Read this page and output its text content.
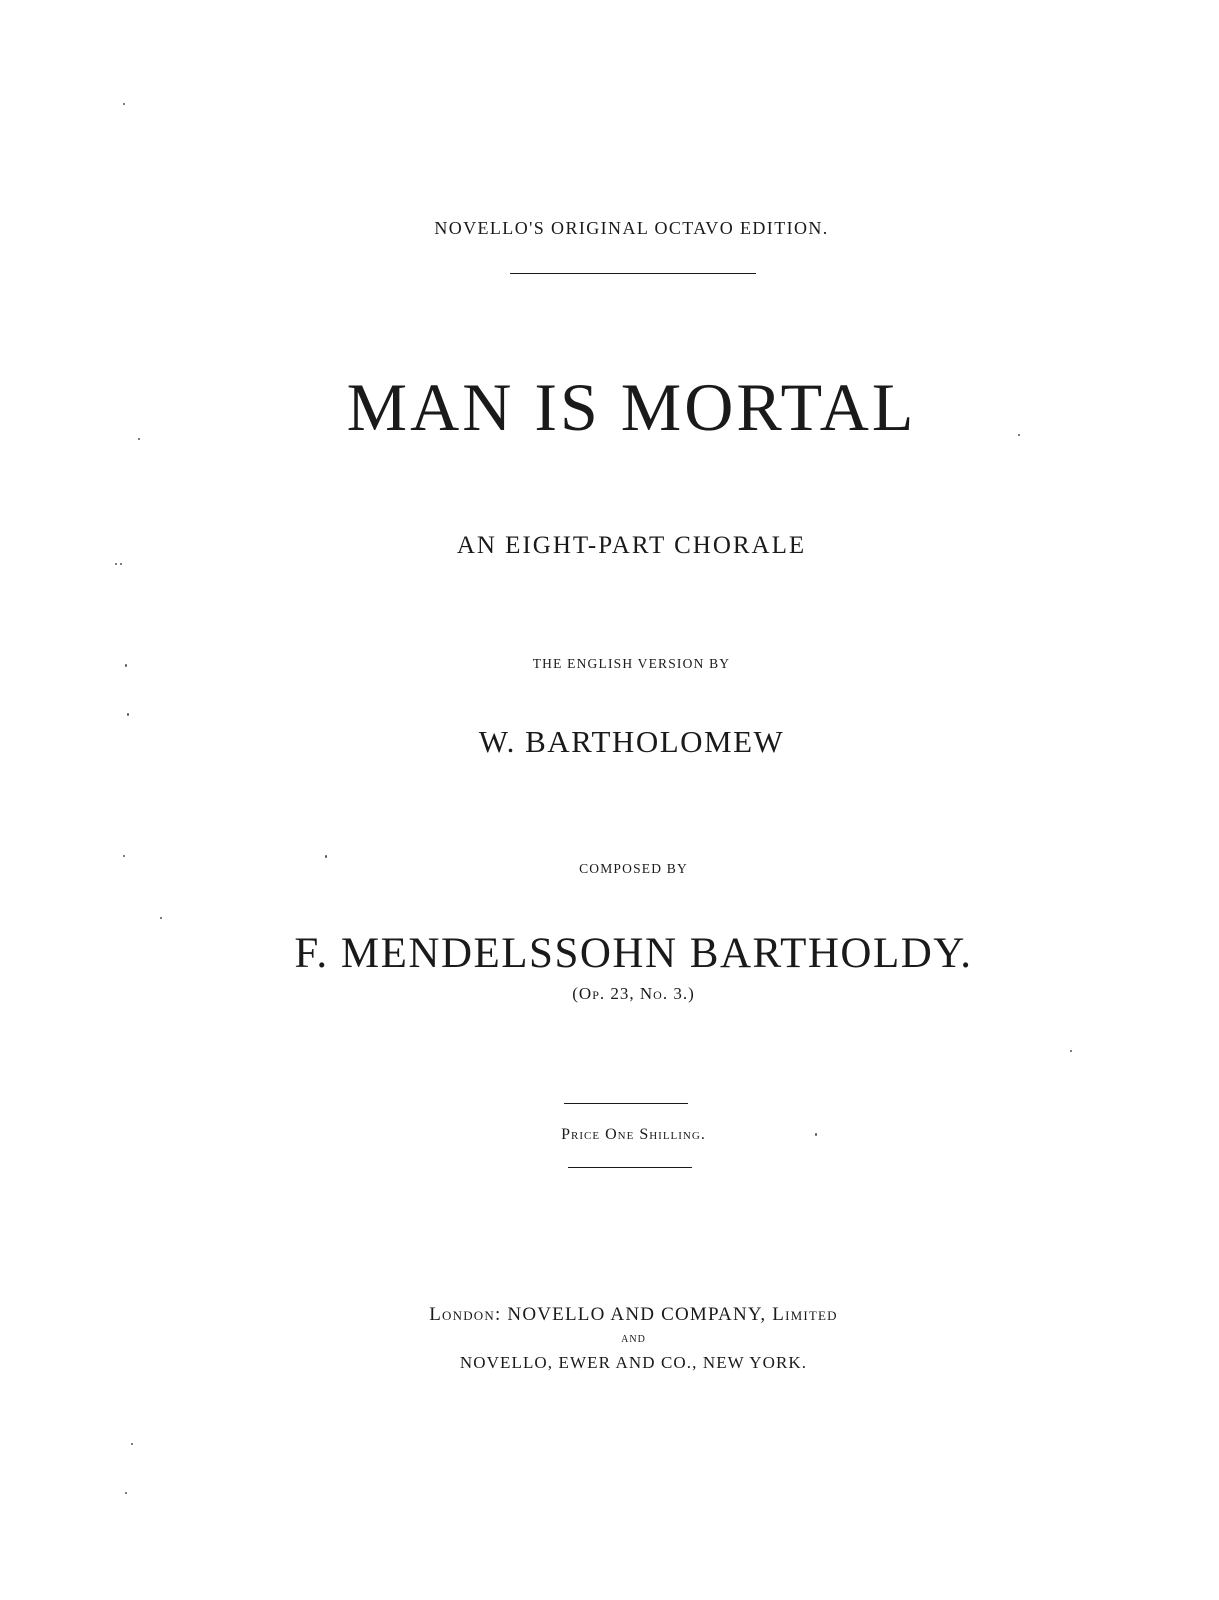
NOVELLO'S ORIGINAL OCTAVO EDITION.

MAN IS MORTAL

AN EIGHT-PART CHORALE

THE ENGLISH VERSION BY

W. BARTHOLOMEW

COMPOSED BY

F. MENDELSSOHN BARTHOLDY.

(Op. 23, No. 3.)

Price One Shilling.

London: NOVELLO AND COMPANY, Limited

AND

NOVELLO, EWER AND CO., NEW YORK.
